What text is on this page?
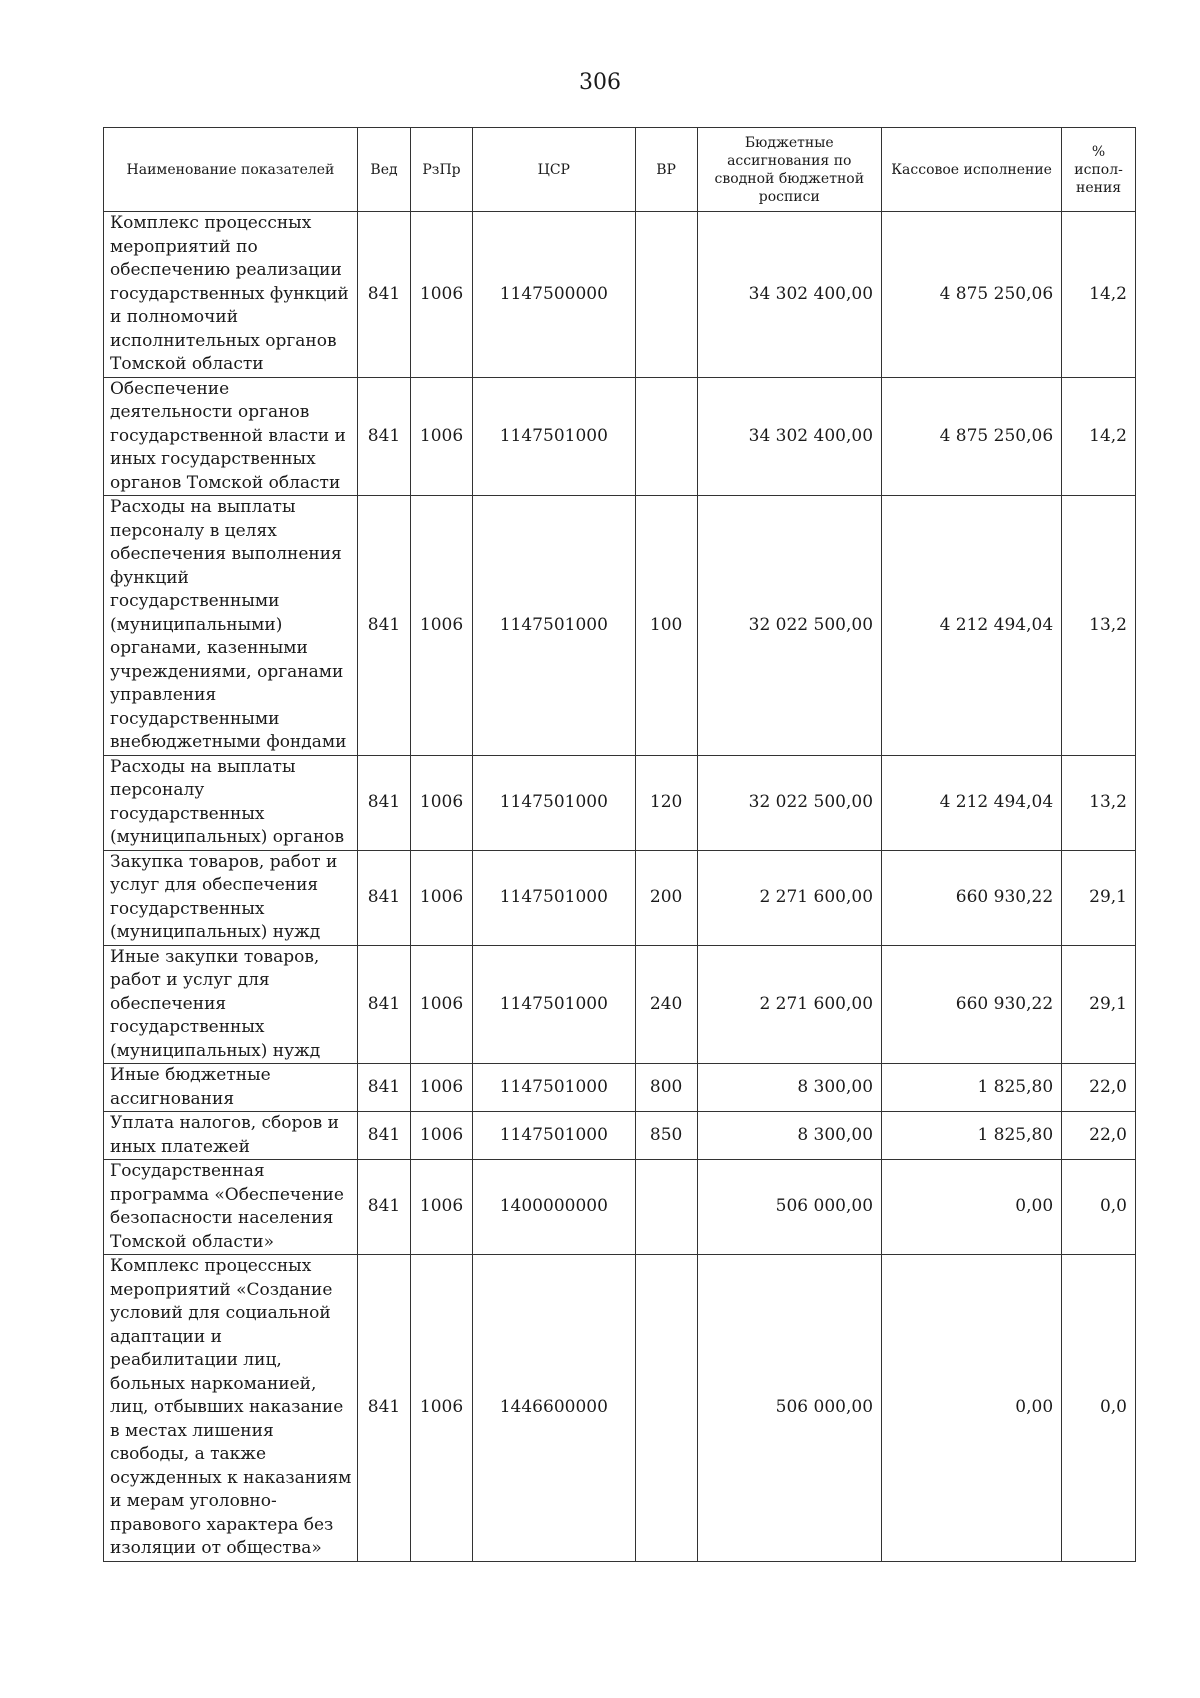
306
Наименование показателей	Вед	РзПр	ЦСР	ВР	Бюджетные ассигнования по сводной бюджетной росписи	Кассовое исполнение	% испол-нения
Комплекс процессных мероприятий по обеспечению реализации государственных функций и полномочий исполнительных органов Томской области	841	1006	1147500000		34 302 400,00	4 875 250,06	14,2
Обеспечение деятельности органов государственной власти и иных государственных органов Томской области	841	1006	1147501000		34 302 400,00	4 875 250,06	14,2
Расходы на выплаты персоналу в целях обеспечения выполнения функций государственными (муниципальными) органами, казенными учреждениями, органами управления государственными внебюджетными фондами	841	1006	1147501000	100	32 022 500,00	4 212 494,04	13,2
Расходы на выплаты персоналу государственных (муниципальных) органов	841	1006	1147501000	120	32 022 500,00	4 212 494,04	13,2
Закупка товаров, работ и услуг для обеспечения государственных (муниципальных) нужд	841	1006	1147501000	200	2 271 600,00	660 930,22	29,1
Иные закупки товаров, работ и услуг для обеспечения государственных (муниципальных) нужд	841	1006	1147501000	240	2 271 600,00	660 930,22	29,1
Иные бюджетные ассигнования	841	1006	1147501000	800	8 300,00	1 825,80	22,0
Уплата налогов, сборов и иных платежей	841	1006	1147501000	850	8 300,00	1 825,80	22,0
Государственная программа «Обеспечение безопасности населения Томской области»	841	1006	1400000000		506 000,00	0,00	0,0
Комплекс процессных мероприятий «Создание условий для социальной адаптации и реабилитации лиц, больных наркоманией, лиц, отбывших наказание в местах лишения свободы, а также осужденных к наказаниям и мерам уголовно-правового характера без изоляции от общества»	841	1006	1446600000		506 000,00	0,00	0,0
